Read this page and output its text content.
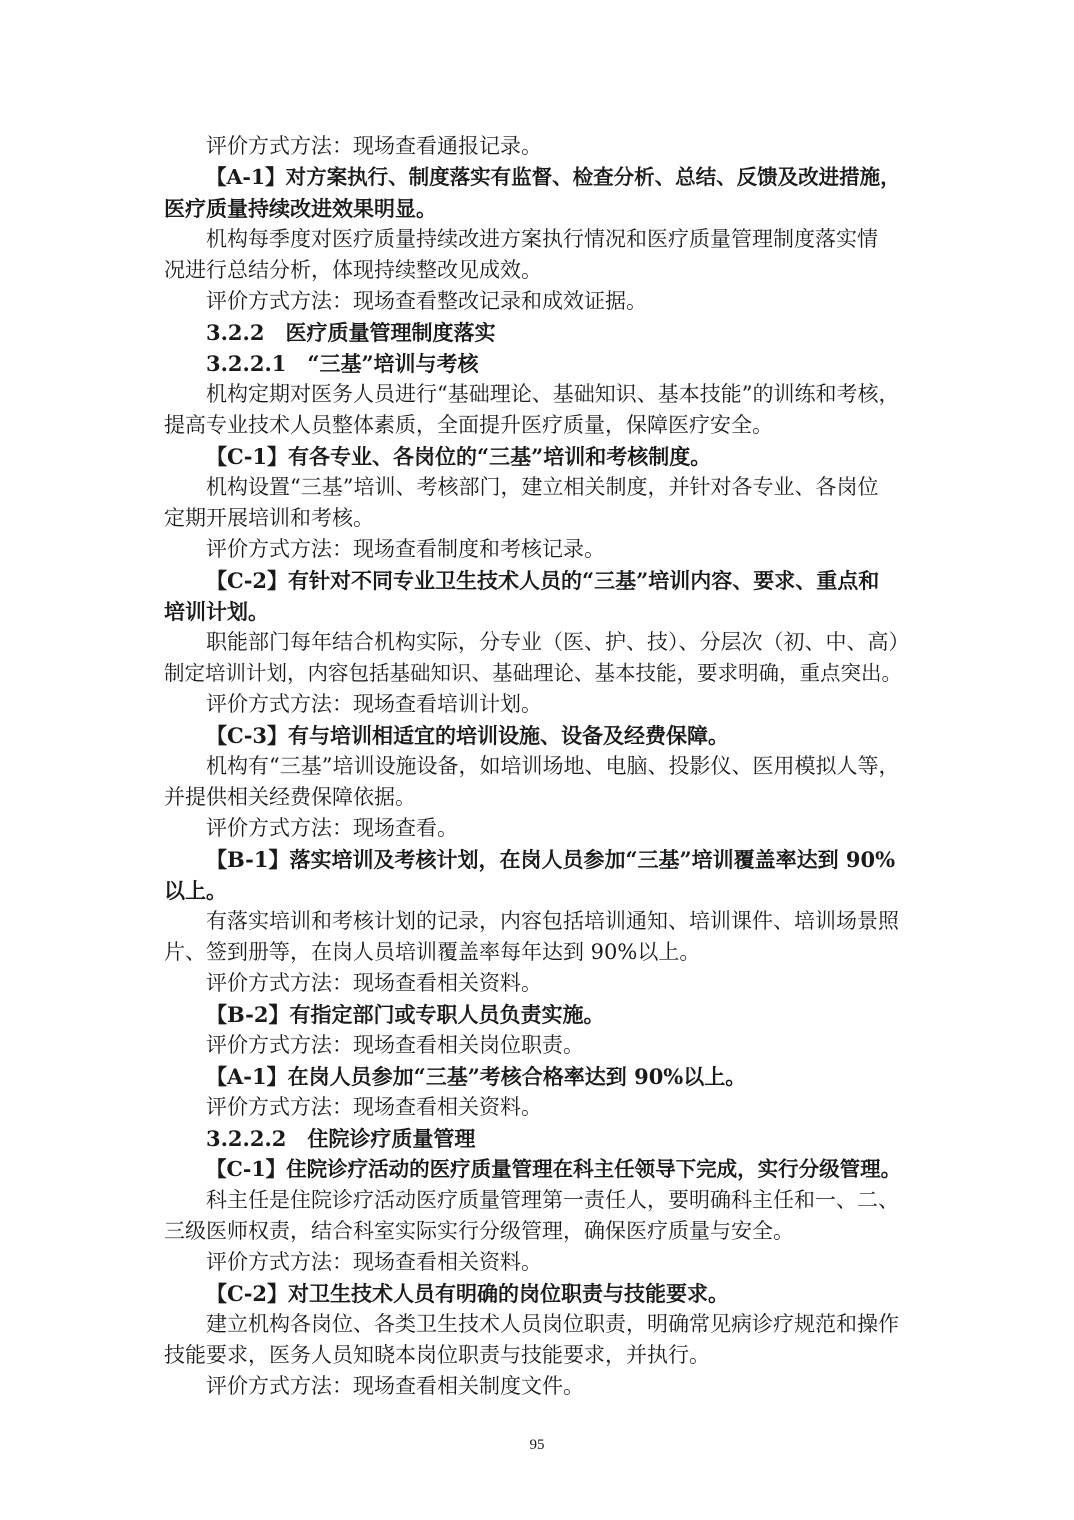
评价方式方法：现场查看通报记录。
【A-1】对方案执行、制度落实有监督、检查分析、总结、反馈及改进措施，
医疗质量持续改进效果明显。
机构每季度对医疗质量持续改进方案执行情况和医疗质量管理制度落实情
况进行总结分析，体现持续整改见成效。
评价方式方法：现场查看整改记录和成效证据。
3.2.2　医疗质量管理制度落实
3.2.2.1　“三基”培训与考核
机构定期对医务人员进行“基础理论、基础知识、基本技能”的训练和考核，
提高专业技术人员整体素质，全面提升医疗质量，保障医疗安全。
【C-1】有各专业、各岗位的“三基”培训和考核制度。
机构设置“三基”培训、考核部门，建立相关制度，并针对各专业、各岗位
定期开展培训和考核。
评价方式方法：现场查看制度和考核记录。
【C-2】有针对不同专业卫生技术人员的“三基”培训内容、要求、重点和
培训计划。
职能部门每年结合机构实际，分专业（医、护、技）、分层次（初、中、高）
制定培训计划，内容包括基础知识、基础理论、基本技能，要求明确，重点突出。
评价方式方法：现场查看培训计划。
【C-3】有与培训相适宜的培训设施、设备及经费保障。
机构有“三基”培训设施设备，如培训场地、电脑、投影仪、医用模拟人等，
并提供相关经费保障依据。
评价方式方法：现场查看。
【B-1】落实培训及考核计划，在岗人员参加“三基”培训覆盖率达到 90%
以上。
有落实培训和考核计划的记录，内容包括培训通知、培训课件、培训场景照
片、签到册等，在岗人员培训覆盖率每年达到 90%以上。
评价方式方法：现场查看相关资料。
【B-2】有指定部门或专职人员负责实施。
评价方式方法：现场查看相关岗位职责。
【A-1】在岗人员参加“三基”考核合格率达到 90%以上。
评价方式方法：现场查看相关资料。
3.2.2.2　住院诊疗质量管理
【C-1】住院诊疗活动的医疗质量管理在科主任领导下完成，实行分级管理。
科主任是住院诊疗活动医疗质量管理第一责任人，要明确科主任和一、二、
三级医师权责，结合科室实际实行分级管理，确保医疗质量与安全。
评价方式方法：现场查看相关资料。
【C-2】对卫生技术人员有明确的岗位职责与技能要求。
建立机构各岗位、各类卫生技术人员岗位职责，明确常见病诊疗规范和操作
技能要求，医务人员知晓本岗位职责与技能要求，并执行。
评价方式方法：现场查看相关制度文件。
95
